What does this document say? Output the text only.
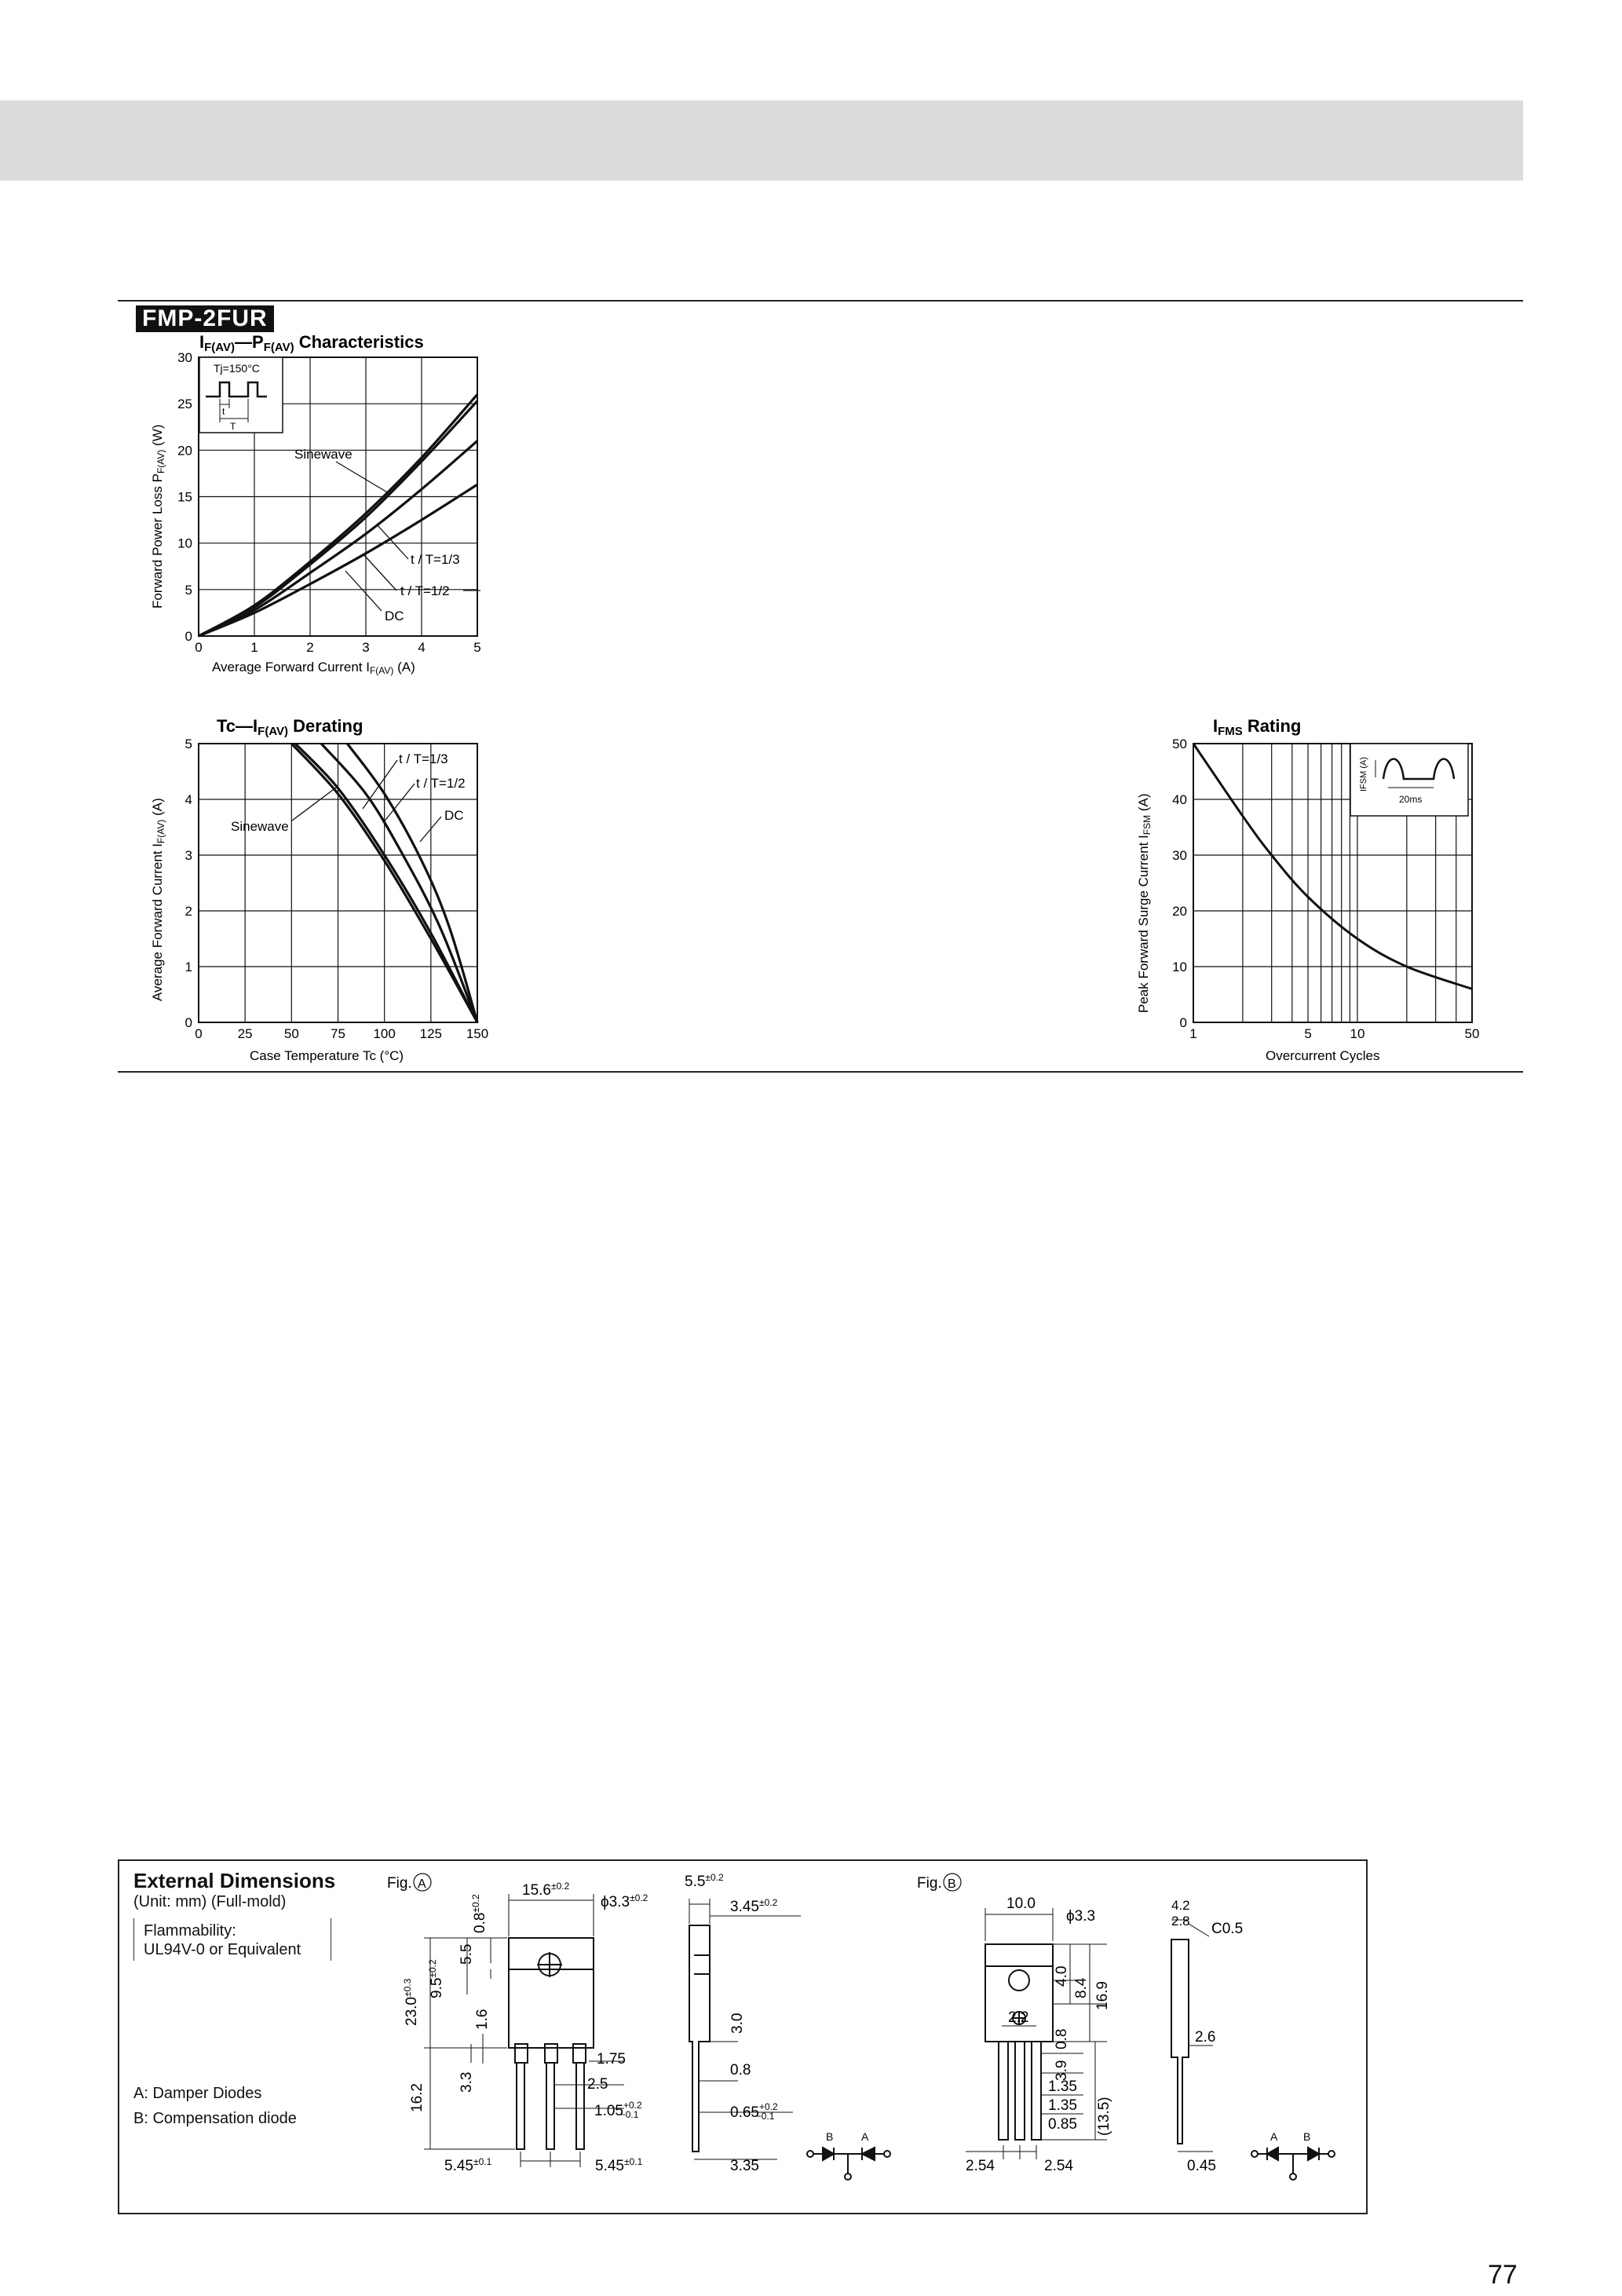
FMP-2FUR
IF(AV)—PF(AV) Characteristics
0	1	2	3	4	5
0
5
10
15
20
25
30
Tj=150°C
t
T
Sinewave
t / T=1/3
t / T=1/2
DC
Forward Power Loss PF(AV) (W)
Average Forward Current IF(AV) (A)
Tc—IF(AV) Derating
0	25 50 75 100 125 150
0
1
2
3
4
5
t / T=1/3
t / T=1/2
DC
Sinewave
Average Forward Current IF(AV) (A)
Case Temperature Tc (°C)
IFMS Rating
1	5	10	50
0
10
20
30
40
50
IFSM (A)
20ms
Peak Forward Surge Current IFSM (A)
Overcurrent Cycles
External Dimensions
(Unit: mm) (Full-mold)
Flammability:
UL94V-0 or Equivalent
A: Damper Diodes
B: Compensation diode
Fig. A	$15.6^{\pm 0.2}$
$\phi 3.3^{\pm 0.2}$
$0.8^{\pm 0.2}$
5.5
$9.5^{\pm 0.2}$
$23.0^{\pm 0.3}$
1.6
3.3
16.2
1.75
2.5
$1.05^{+0.2} -0.1$
$5.45^{\pm 0.1}$	$5.45^{\pm 0.1}$
$5.5^{\pm 0.2}$
$3.45^{\pm 0.2}$
3.0
0.8
$0.65^{+0.2} -0.1$
3.35
B	A
Fig. B
10.0
ϕ3.3
4.0
8.4 16.9
2.2
0.8
3.9
1.35
1.35
0.85 (13.5)
2.54	2.54
4.2
2.8 C0.5
2.6
0.45
A B
77
